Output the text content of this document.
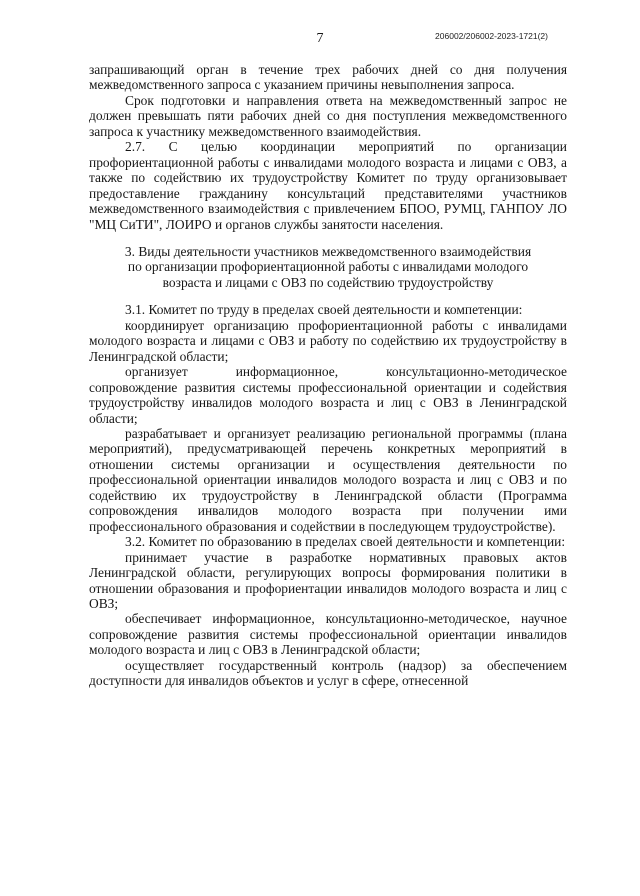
206002/206002-2023-1721(2)
7

запрашивающий орган в течение трех рабочих дней со дня получения межведомственного запроса с указанием причины невыполнения запроса.

Срок подготовки и направления ответа на межведомственный запрос не должен превышать пяти рабочих дней со дня поступления межведомственного запроса к участнику межведомственного взаимодействия.

2.7. С целью координации мероприятий по организации профориентационной работы с инвалидами молодого возраста и лицами с ОВЗ, а также по содействию их трудоустройству Комитет по труду организовывает предоставление гражданину консультаций представителями участников межведомственного взаимодействия с привлечением БПОО, РУМЦ, ГАНПОУ ЛО "МЦ СиТИ", ЛОИРО и органов службы занятости населения.

3. Виды деятельности участников межведомственного взаимодействия

по организации профориентационной работы с инвалидами молодого

возраста и лицами с ОВЗ по содействию трудоустройству

3.1. Комитет по труду в пределах своей деятельности и компетенции:

координирует организацию профориентационной работы с инвалидами молодого возраста и лицами с ОВЗ и работу по содействию их трудоустройству в Ленинградской области;

организует информационное, консультационно-методическое сопровождение развития системы профессиональной ориентации и содействия трудоустройству инвалидов молодого возраста и лиц с ОВЗ в Ленинградской области;

разрабатывает и организует реализацию региональной программы (плана мероприятий), предусматривающей перечень конкретных мероприятий в отношении системы организации и осуществления деятельности по профессиональной ориентации инвалидов молодого возраста и лиц с ОВЗ и по содействию их трудоустройству в Ленинградской области (Программа сопровождения инвалидов молодого возраста при получении ими профессионального образования и содействии в последующем трудоустройстве).

3.2. Комитет по образованию в пределах своей деятельности и компетенции:

принимает участие в разработке нормативных правовых актов Ленинградской области, регулирующих вопросы формирования политики в отношении образования и профориентации инвалидов молодого возраста и лиц с ОВЗ;

обеспечивает информационное, консультационно-методическое, научное сопровождение развития системы профессиональной ориентации инвалидов молодого возраста и лиц с ОВЗ в Ленинградской области;

осуществляет государственный контроль (надзор) за обеспечением доступности для инвалидов объектов и услуг в сфере, отнесенной
